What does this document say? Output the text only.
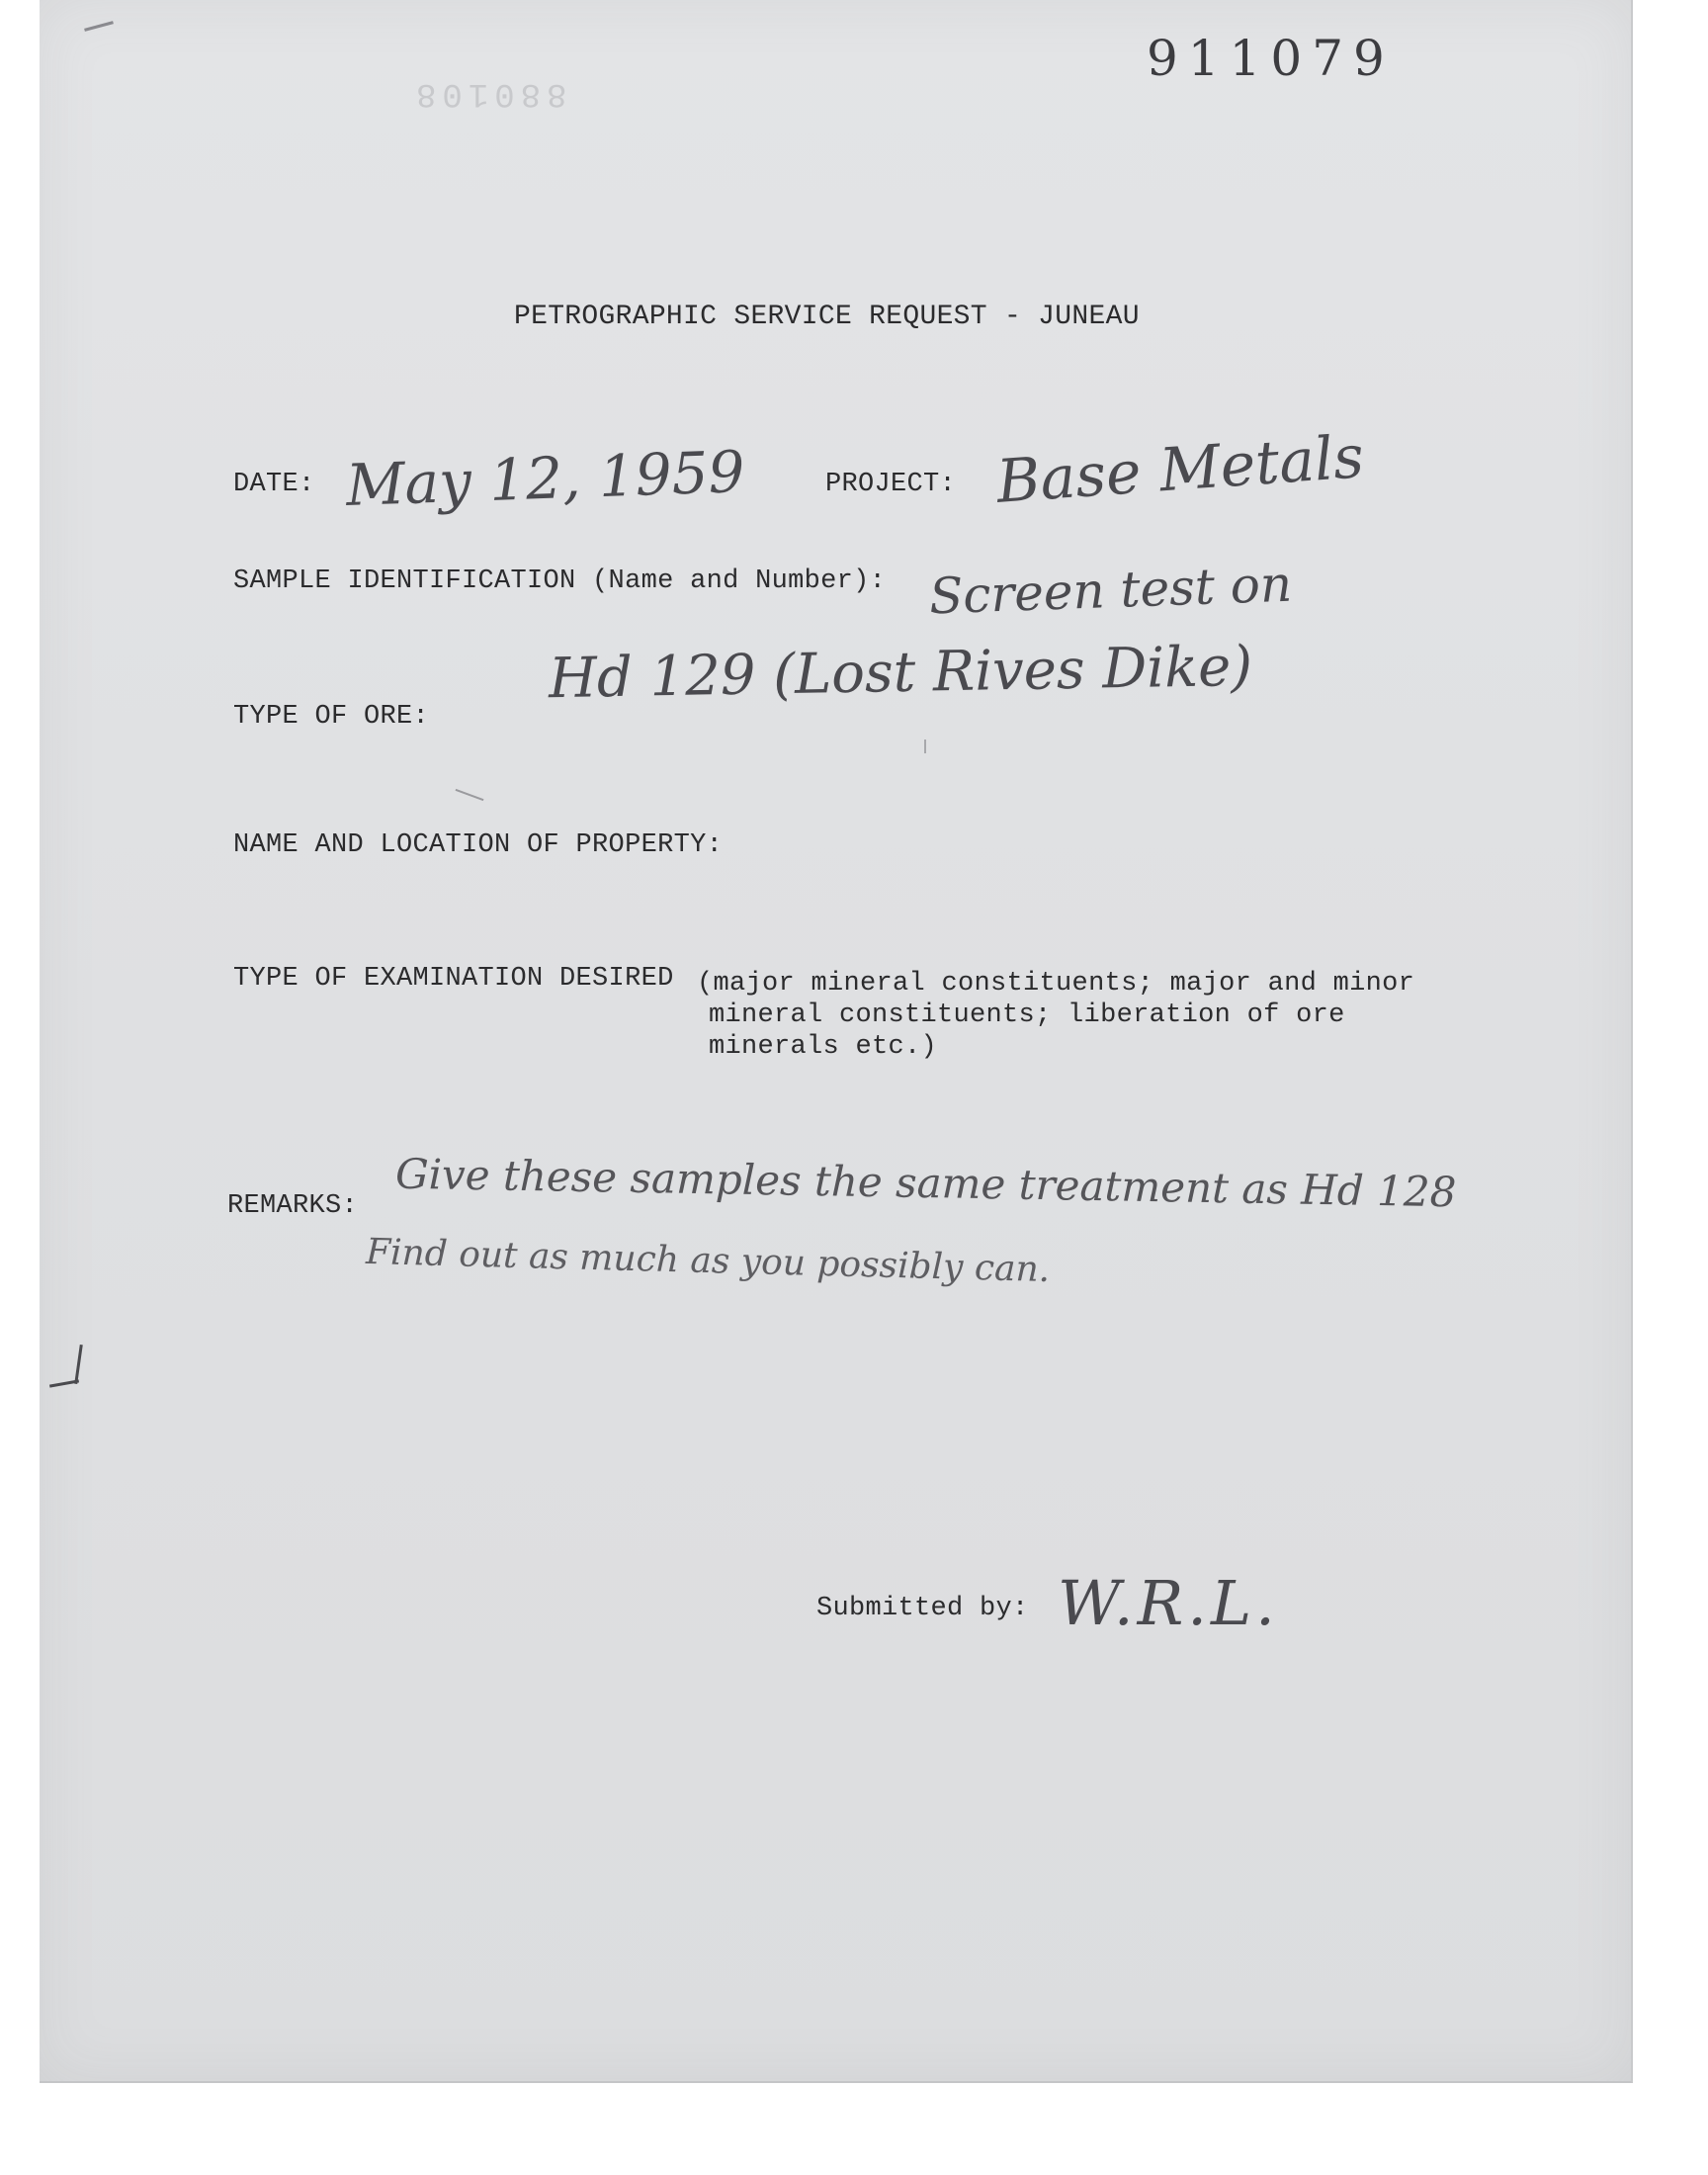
911079
880108
PETROGRAPHIC SERVICE REQUEST - JUNEAU
DATE: May 12, 1959	PROJECT: Base Metals
SAMPLE IDENTIFICATION (Name and Number): Screen test on
Hd 129 (Lost Rives Dike)
TYPE OF ORE:
NAME AND LOCATION OF PROPERTY:
TYPE OF EXAMINATION DESIRED (major mineral constituents; major and minor
mineral constituents; liberation of ore
minerals etc.)
REMARKS: Give these samples the same treatment as Hd 128
Find out as much as you possibly can.
Submitted by: W.R.L.
